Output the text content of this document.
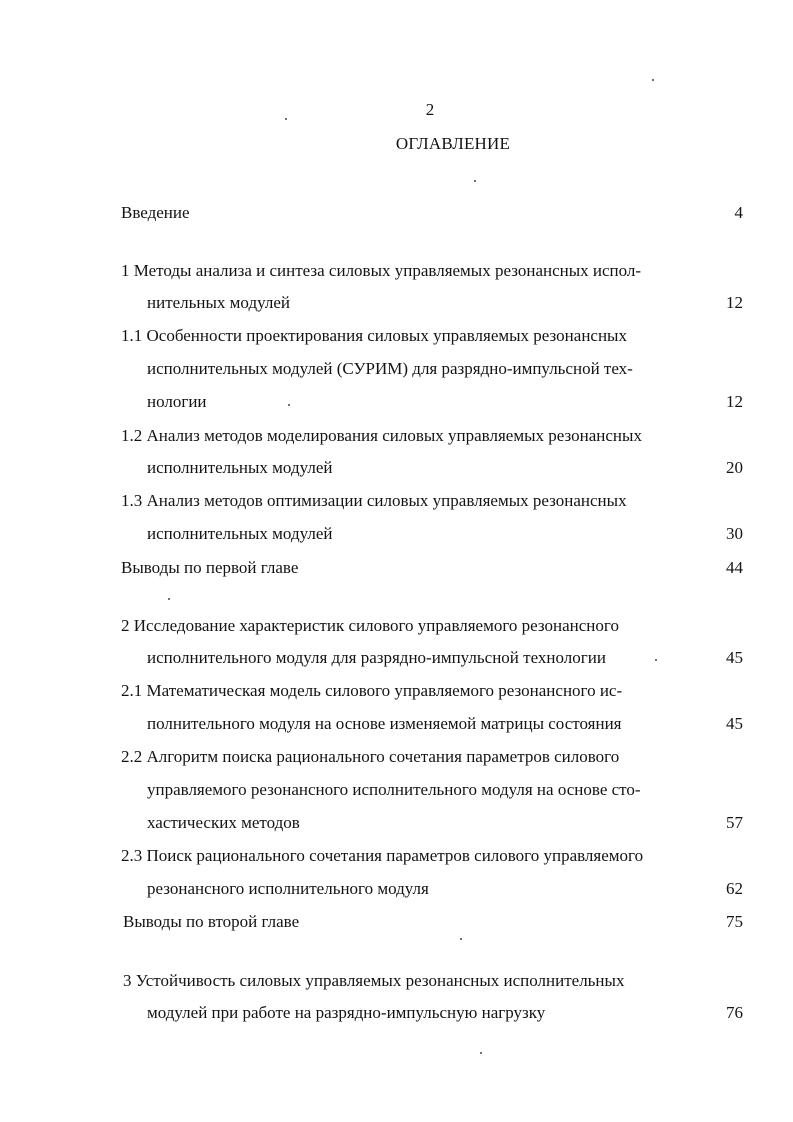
2
ОГЛАВЛЕНИЕ
Введение	4
1 Методы анализа и синтеза силовых управляемых резонансных испол-
нительных модулей	12
1.1 Особенности проектирования силовых управляемых резонансных
исполнительных модулей (СУРИМ) для разрядно-импульсной тех-
нологии	12
1.2 Анализ методов моделирования силовых управляемых резонансных
исполнительных модулей	20
1.3 Анализ методов оптимизации силовых управляемых резонансных
исполнительных модулей	30
Выводы по первой главе	44
2 Исследование характеристик силового управляемого резонансного
исполнительного модуля для разрядно-импульсной технологии	45
2.1 Математическая модель силового управляемого резонансного ис-
полнительного модуля на основе изменяемой матрицы состояния	45
2.2 Алгоритм поиска рационального сочетания параметров силового
управляемого резонансного исполнительного модуля на основе сто-
хастических методов	57
2.3 Поиск рационального сочетания параметров силового управляемого
резонансного исполнительного модуля	62
Выводы по второй главе	75
3 Устойчивость силовых управляемых резонансных исполнительных
модулей при работе на разрядно-импульсную нагрузку	76
